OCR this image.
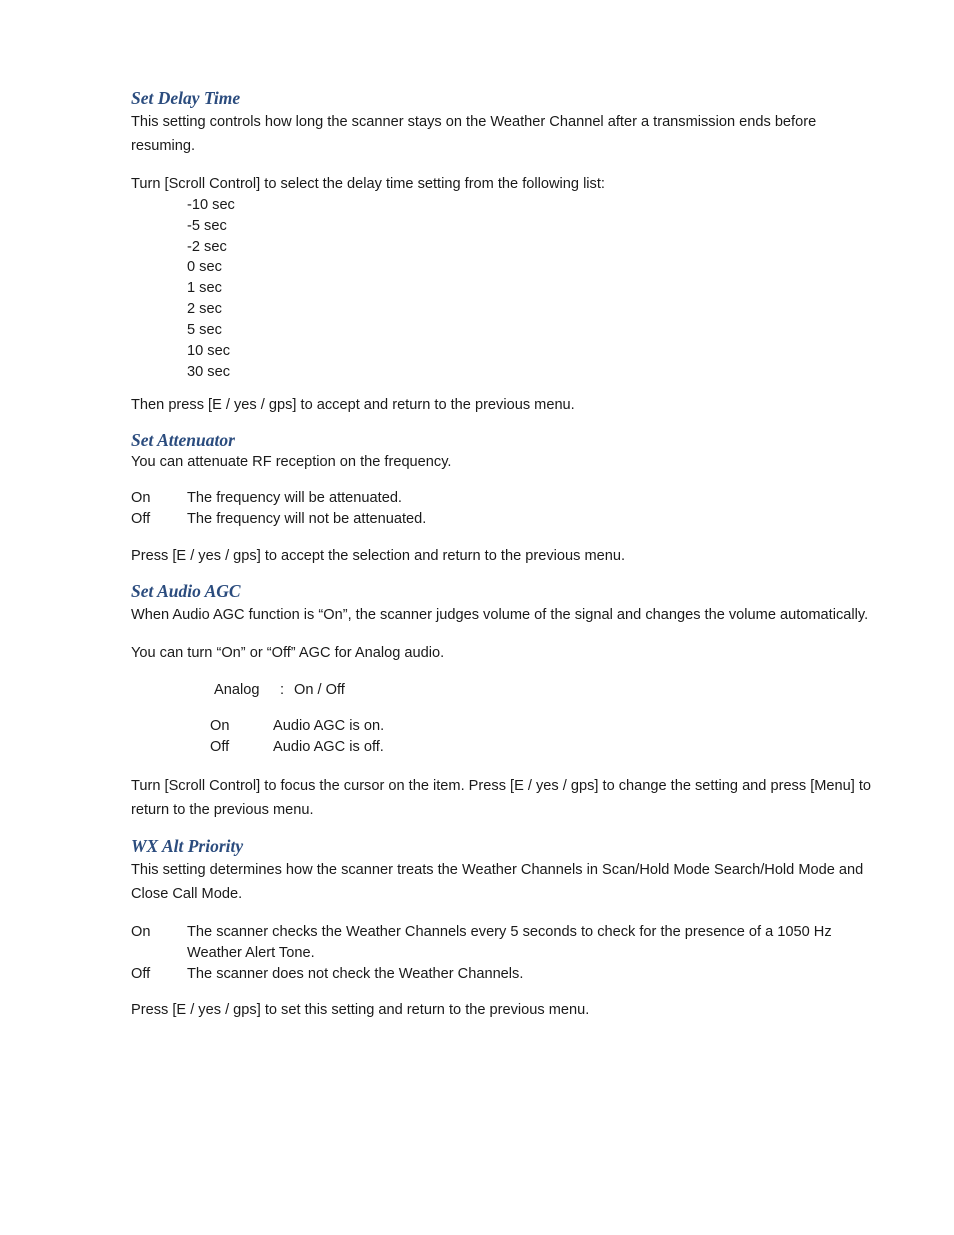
Set Delay Time

This setting controls how long the scanner stays on the Weather Channel after a transmission ends before resuming.

Turn [Scroll Control] to select the delay time setting from the following list:

-10 sec
-5 sec
-2 sec
0 sec
1 sec
2 sec
5 sec
10 sec
30 sec

Then press [E / yes / gps] to accept and return to the previous menu.

Set Attenuator

You can attenuate RF reception on the frequency.

On	The frequency will be attenuated.
Off	The frequency will not be attenuated.

Press [E / yes / gps] to accept the selection and return to the previous menu.

Set Audio AGC

When Audio AGC function is “On”, the scanner judges volume of the signal and changes the volume automatically.

You can turn “On” or “Off” AGC for Analog audio.

Analog : On / Off
On	Audio AGC is on.
Off	Audio AGC is off.

Turn [Scroll Control] to focus the cursor on the item. Press [E / yes / gps] to change the setting and press [Menu] to return to the previous menu.

WX Alt Priority

This setting determines how the scanner treats the Weather Channels in Scan/Hold Mode Search/Hold Mode and Close Call Mode.

On	The scanner checks the Weather Channels every 5 seconds to check for the presence of a 1050 Hz Weather Alert Tone.
Off	The scanner does not check the Weather Channels.

Press [E / yes / gps] to set this setting and return to the previous menu.
